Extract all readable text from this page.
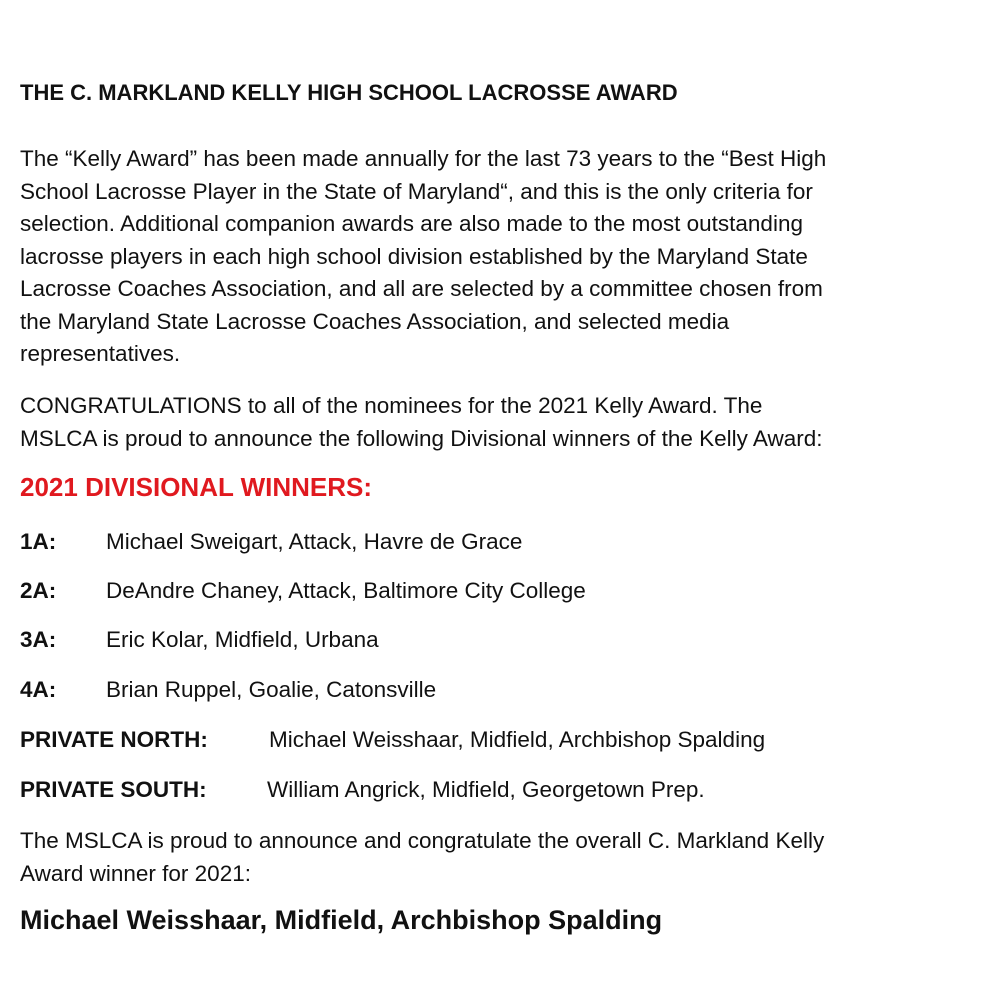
THE C. MARKLAND KELLY HIGH SCHOOL LACROSSE AWARD

The “Kelly Award” has been made annually for the last 73 years to the “Best High
School Lacrosse Player in the State of Maryland“, and this is the only criteria for
selection. Additional companion awards are also made to the most outstanding
lacrosse players in each high school division established by the Maryland State
Lacrosse Coaches Association, and all are selected by a committee chosen from
the Maryland State Lacrosse Coaches Association, and selected media
representatives.

CONGRATULATIONS to all of the nominees for the 2021 Kelly Award. The
MSLCA is proud to announce the following Divisional winners of the Kelly Award:

2021 DIVISIONAL WINNERS:
1A: Michael Sweigart, Attack, Havre de Grace
2A: DeAndre Chaney, Attack, Baltimore City College
3A: Eric Kolar, Midfield, Urbana
4A: Brian Ruppel, Goalie, Catonsville
PRIVATE NORTH:	Michael Weisshaar, Midfield, Archbishop Spalding
PRIVATE SOUTH:	William Angrick, Midfield, Georgetown Prep.

The MSLCA is proud to announce and congratulate the overall C. Markland Kelly
Award winner for 2021:

Michael Weisshaar, Midfield, Archbishop Spalding
